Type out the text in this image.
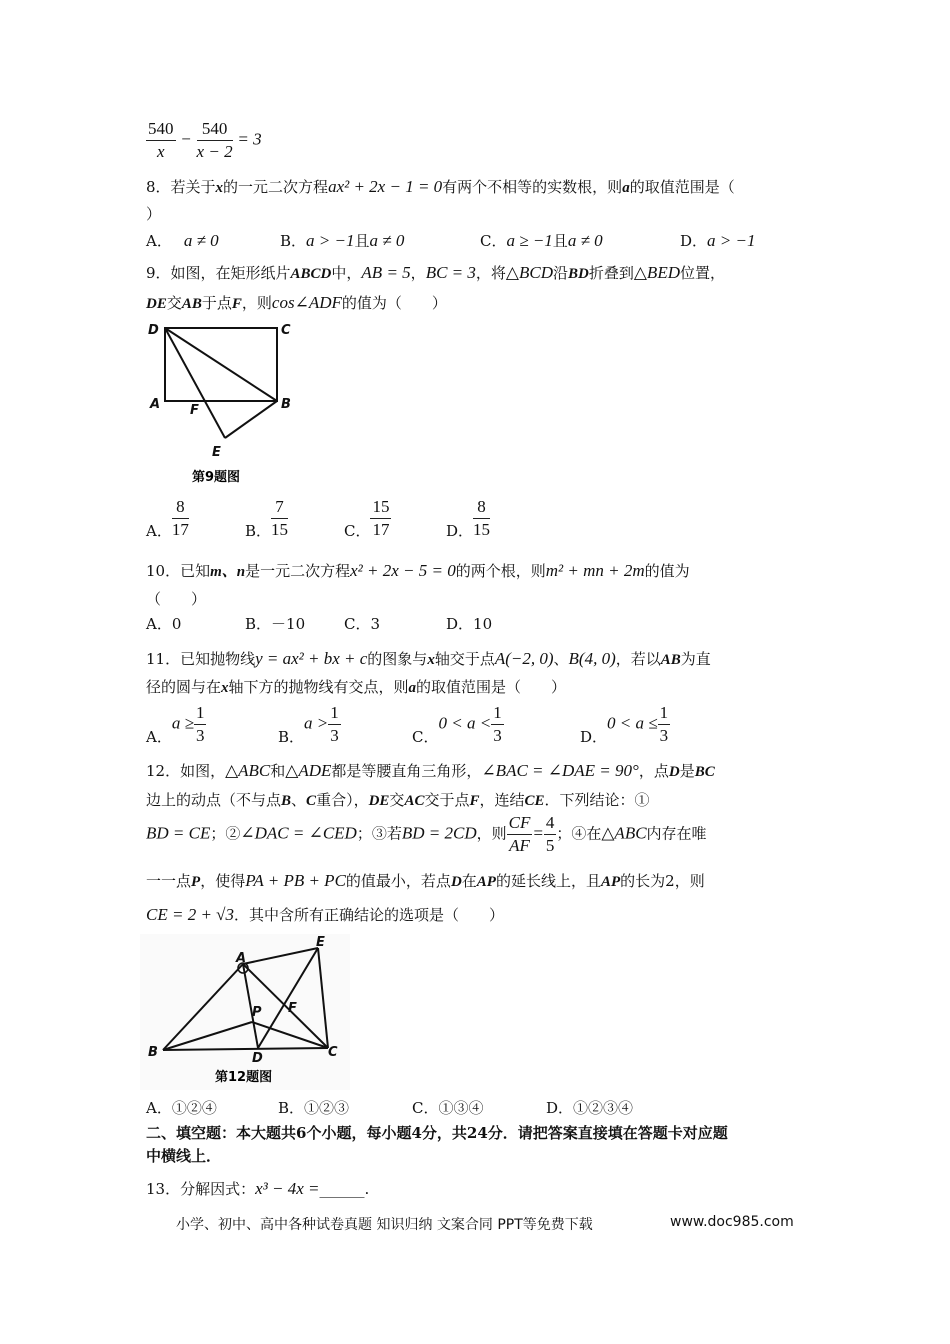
$\frac{540}{x} - \frac{540}{x - 2} = 3$
8．若关于x的一元二次方程ax² + 2x − 1 = 0有两个不相等的实数根，则a的取值范围是（
）
A． a ≠ 0	B．a > −1且a ≠ 0	C．a ≥ −1且a ≠ 0	D．a > −1
9．如图，在矩形纸片ABCD中，AB = 5，BC = 3，将△BCD沿BD折叠到△BED位置，
DE交AB于点F，则cos∠ADF的值为（　　）
D	C
A	B
F
E
第9题图
A． $\frac{8}{17}$	B． $\frac{7}{15}$	C． $\frac{15}{17}$	D． $\frac{8}{15}$
10．已知m、n是一元二次方程x² + 2x − 5 = 0的两个根，则m² + mn + 2m的值为
（　　）
A．0	B．－10	C．3	D．10
11．已知抛物线y = ax² + bx + c的图象与x轴交于点A(−2, 0)、B(4, 0)，若以AB为直
径的圆与在x轴下方的抛物线有交点，则a的取值范围是（　　）
A．$a \ge \frac{1}{3}$	B．$a > \frac{1}{3}$	C．$0 < a < \frac{1}{3}$	D．$0 < a \le \frac{1}{3}$
12．如图，△ABC和△ADE都是等腰直角三角形，∠BAC = ∠DAE = 90°，点D是BC
边上的动点（不与点B、C重合），DE交AC交于点F，连结CE．下列结论：①
BD = CE；②∠DAC = ∠CED；③若BD = 2CD，则 $\frac{CF}{AF} = \frac{4}{5}$ ；④在△ABC内存在唯
一一点P，使得PA + PB + PC的值最小，若点D在AP的延长线上，且AP的长为2，则
CE = 2 + √3．其中含所有正确结论的选项是（　　）
A
B	C
D
E
F
P
第12题图
A．①②④	B．①②③	C．①③④	D．①②③④
二、填空题：本大题共6个小题，每小题4分，共24分．请把答案直接填在答题卡对应题
中横线上．
13．分解因式：x³ − 4x =______.
小学、初中、高中各种试卷真题 知识归纳 文案合同 PPT等免费下载	www.doc985.com
